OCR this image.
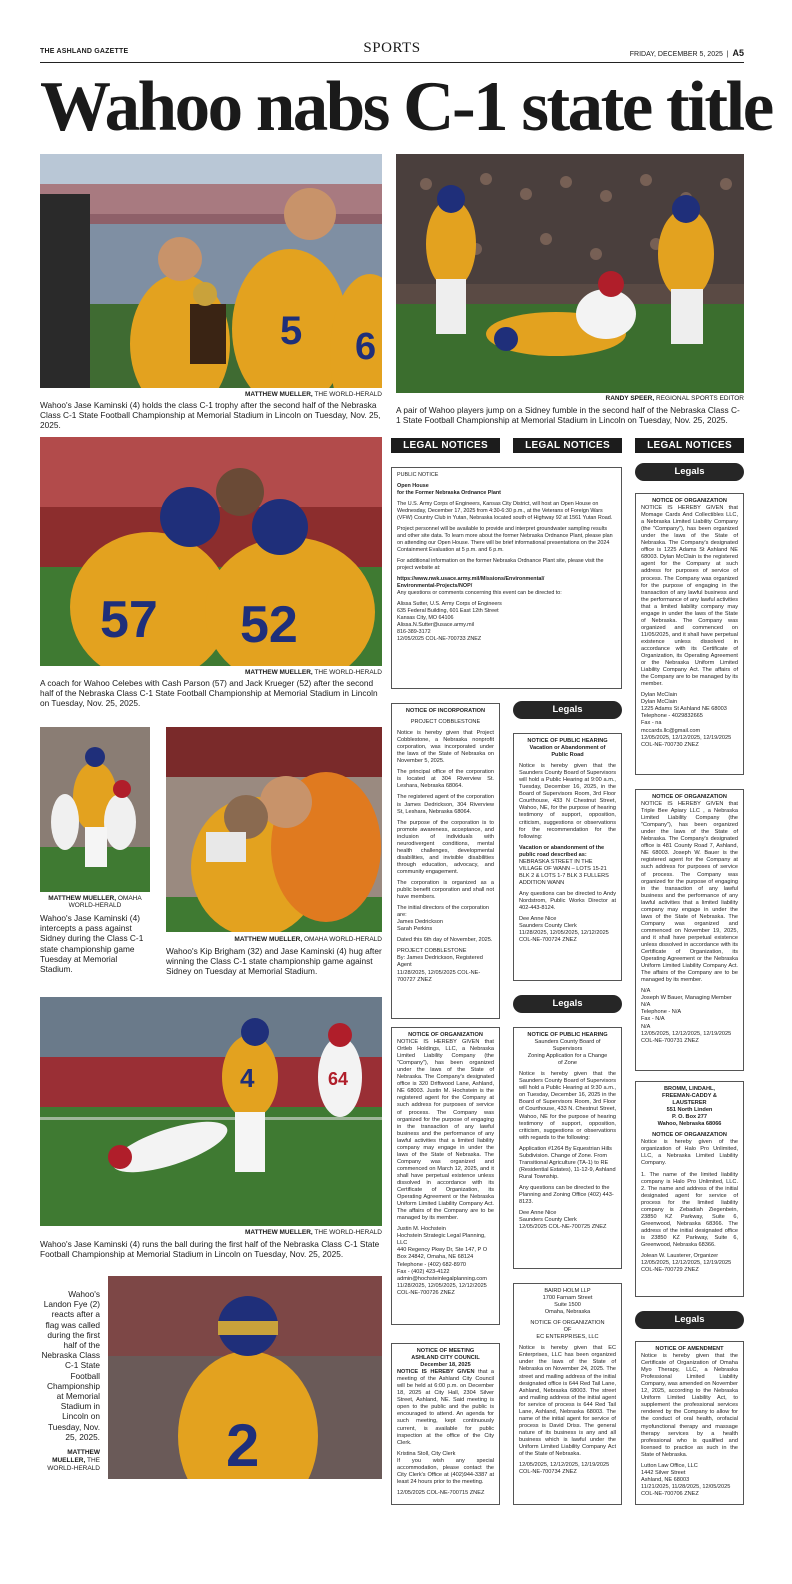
THE ASHLAND GAZETTE	SPORTS	FRIDAY, DECEMBER 5, 2025  |  A5
Wahoo nabs C-1 state title
5 6
MATTHEW MUELLER, THE WORLD-HERALD
Wahoo's Jase Kaminski (4) holds the class C-1 trophy after the second half of the Nebraska Class C-1 State Football Championship at Memorial Stadium in Lincoln on Tuesday, Nov. 25, 2025.
RANDY SPEER, REGIONAL SPORTS EDITOR
A pair of Wahoo players jump on a Sidney fumble in the second half of the Nebraska Class C-1 State Football Championship at Memorial Stadium in Lincoln on Tuesday, Nov. 25, 2025.
57 52
MATTHEW MUELLER, THE WORLD-HERALD
A coach for Wahoo Celebes with Cash Parson (57) and Jack Krueger (52) after the second half of the Nebraska Class C-1 State Football Championship at Memorial Stadium in Lincoln on Tuesday, Nov. 25, 2025.
MATTHEW MUELLER, OMAHA WORLD-HERALD
Wahoo's Jase Kaminski (4) intercepts a pass against Sidney during the Class C-1 state championship game Tuesday at Memorial Stadium.
MATTHEW MUELLER, OMAHA WORLD-HERALD
Wahoo's Kip Brigham (32) and Jase Kaminski (4) hug after winning the Class C-1 state championship game against Sidney on Tuesday at Memorial Stadium.
4	64
MATTHEW MUELLER, THE WORLD-HERALD
Wahoo's Jase Kaminski (4) runs the ball during the first half of the Nebraska Class C-1 State Football Championship at Memorial Stadium in Lincoln on Tuesday, Nov. 25, 2025.
Wahoo's Landon Fye (2) reacts after a flag was called during the first half of the Nebraska Class C-1 State Football Championship at Memorial Stadium in Lincoln on Tuesday, Nov. 25, 2025.
MATTHEW MUELLER, THE WORLD-HERALD 2
LEGAL NOTICES	LEGAL NOTICES	LEGAL NOTICES
PUBLIC NOTICE
Open House
for the Former Nebraska Ordnance Plant

The U.S. Army Corps of Engineers, Kansas City District, will host an Open House on Wednesday, December 17, 2025 from 4:30-6:30 p.m., at the Veterans of Foreign Wars (VFW) Country Club in Yutan, Nebraska located south of Highway 92 at 1561 Yutan Road.

Project personnel will be available to provide and interpret groundwater sampling results and other site data. To learn more about the former Nebraska Ordnance Plant, please plan on attending our Open House. There will be brief informational presentations on the 2024 Containment Evaluation at 5 p.m. and 6 p.m.

For additional information on the former Nebraska Ordnance Plant site, please visit the project website at:

https://www.nwk.usace.army.mil/Missions/Environmental/
Environmental-Projects/NOP/
Any questions or comments concerning this event can be directed to:
Alissa Sutter, U.S. Army Corps of Engineers
635 Federal Building, 601 East 12th Street
Kansas City, MO 64106
Alissa.N.Sutter@usace.army.mil
816-389-3172
12/05/2025 COL-NE-700733 ZNEZ
NOTICE OF INCORPORATION
PROJECT COBBLESTONE

Notice is hereby given that Project Cobblestone, a Nebraska nonprofit corporation, was incorporated under the laws of the State of Nebraska on November 5, 2025.

The principal office of the corporation is located at 304 Riverview St. Leshara, Nebraska 68064.

The registered agent of the corporation is James Dedrickson, 304 Riverview St, Leshara, Nebraska 68064.

The purpose of the corporation is to promote awareness, acceptance, and inclusion of individuals with neurodivergent conditions, mental health challenges, developmental disabilities, and invisible disabilities through education, advocacy, and community engagement.

The corporation is organized as a public benefit corporation and shall not have members.

The initial directors of the corporation are:
James Dedrickson
Sarah Perkins

Dated this 6th day of November, 2025.

PROJECT COBBLESTONE
By: James Dedrickson, Registered Agent
11/28/2025, 12/05/2025 COL-NE-700727 ZNEZ
NOTICE OF ORGANIZATION

NOTICE IS HEREBY GIVEN that Ortleb Holdings, LLC, a Nebraska Limited Liability Company (the "Company"), has been organized under the laws of the State of Nebraska. The Company's designated office is 320 Driftwood Lane, Ashland, NE 68003. Justin M. Hochstein is the registered agent for the Company at such address for purposes of service of process. The Company was organized for the purpose of engaging in the transaction of any lawful business and the performance of any lawful activities that a limited liability company may engage in under the laws of the State of Nebraska. The Company was organized and commenced on March 12, 2025, and it shall have perpetual existence unless dissolved in accordance with its Certificate of Organization, its Operating Agreement or the Nebraska Uniform Limited Liability Company Act. The affairs of the Company are to be managed by its member.

Justin M. Hochstein
Hochstein Strategic Legal Planning, LLC
440 Regency Pkwy Dr, Ste 147, P O Box 24842, Omaha, NE 68124
Telephone - (402) 682-8970
Fax - (402) 423-4122
admin@hochsteinlegalplanning.com
11/28/2025, 12/05/2025, 12/12/2025 COL-NE-700726 ZNEZ
NOTICE OF MEETING
ASHLAND CITY COUNCIL
December 18, 2025

NOTICE IS HEREBY GIVEN that a meeting of the Ashland City Council will be held at 6:00 p.m. on December 18, 2025 at City Hall, 2304 Silver Street, Ashland, NE. Said meeting is open to the public and the public is encouraged to attend. An agenda for such meeting, kept continuously current, is available for public inspection at the office of the City Clerk.

Kristina Stoll, City Clerk

If you wish any special accommodation, please contact the City Clerk's Office at (402)944-3387 at least 24 hours prior to the meeting.

12/05/2025 COL-NE-700715 ZNEZ
Legals
NOTICE OF PUBLIC HEARING
Vacation or Abandonment of
Public Road

Notice is hereby given that the Saunders County Board of Supervisors will hold a Public Hearing at 9:00 a.m., Tuesday, December 16, 2025, in the Board of Supervisors Room, 3rd Floor Courthouse, 433 N Chestnut Street, Wahoo, NE, for the purpose of hearing testimony of support, opposition, criticism, suggestions or observations for the recommendation for the following:

Vacation or abandonment of the public road described as:

NEBRASKA STREET IN THE VILLAGE OF WANN – LOTS 15-21 BLK 2 & LOTS 1-7 BLK 3 FULLERS ADDITION WANN

Any questions can be directed to Andy Nordstrom, Public Works Director at 402-443-8124.

Dee Anne Nice
Saunders County Clerk
11/28/2025, 12/05/2025, 12/12/2025 COL-NE-700724 ZNEZ
Legals
NOTICE OF PUBLIC HEARING
Saunders County Board of
Supervisors
Zoning Application for a Change
of Zone

Notice is hereby given that the Saunders County Board of Supervisors will hold a Public Hearing at 9:30 a.m., on Tuesday, December 16, 2025 in the Board of Supervisors Room, 3rd Floor of Courthouse, 433 N. Chestnut Street, Wahoo, NE for the purpose of hearing testimony of support, opposition, criticism, suggestions or observations with regards to the following:

Application #1264 By Equestrian Hills Subdivision. Change of Zone. From Transitional Agriculture (TA-1) to RE (Residential Estates), 11-12-9, Ashland Rural Township.

Any questions can be directed to the Planning and Zoning Office (402) 443-8123.

Dee Anne Nice
Saunders County Clerk
12/05/2025 COL-NE-700725 ZNEZ
BAIRD HOLM LLP
1700 Farnam Street
Suite 1500
Omaha, Nebraska
NOTICE OF ORGANIZATION
OF
EC ENTERPRISES, LLC

Notice is hereby given that EC Enterprises, LLC has been organized under the laws of the State of Nebraska on November 24, 2025. The street and mailing address of the initial designated office is 644 Red Tail Lane, Ashland, Nebraska 68003. The street and mailing address of the initial agent for service of process is 644 Red Tail Lane, Ashland, Nebraska 68003. The name of the initial agent for service of process is David Driss. The general nature of its business is any and all business which is lawful under the Uniform Limited Liability Company Act of the State of Nebraska.

12/05/2025, 12/12/2025, 12/19/2025 COL-NE-700734 ZNEZ
Legals
NOTICE OF ORGANIZATION

NOTICE IS HEREBY GIVEN that Momage Cards And Collectibles LLC, a Nebraska Limited Liability Company (the "Company"), has been organized under the laws of the State of Nebraska. The Company's designated office is 1225 Adams St Ashland NE 68003. Dylan McClain is the registered agent for the Company at such address for purposes of service of process. The Company was organized for the purpose of engaging in the transaction of any lawful business and the performance of any lawful activities that a limited liability company may engage in under the laws of the State of Nebraska. The Company was organized and commenced on 11/05/2025, and it shall have perpetual existence unless dissolved in accordance with its Certificate of Organization, its Operating Agreement or the Nebraska Uniform Limited Liability Company Act. The affairs of the Company are to be managed by its member.

Dylan McClain
Dylan McClain
1225 Adams St Ashland NE 68003
Telephone - 4029832665
Fax - na
mccards.llc@gmail.com
12/05/2025, 12/12/2025, 12/19/2025 COL-NE-700730 ZNEZ
NOTICE OF ORGANIZATION

NOTICE IS HEREBY GIVEN that Triple Bee Apiary LLC , a Nebraska Limited Liability Company (the "Company"), has been organized under the laws of the State of Nebraska. The Company's designated office is 481 County Road 7, Ashland, NE 68003. Joseph W. Bauer is the registered agent for the Company at such address for purposes of service of process. The Company was organized for the purpose of engaging in the transaction of any lawful business and the performance of any lawful activities that a limited liability company may engage in under the laws of the State of Nebraska. The Company was organized and commenced on November 19, 2025, and it shall have perpetual existence unless dissolved in accordance with its Certificate of Organization, its Operating Agreement or the Nebraska Uniform Limited Liability Company Act. The affairs of the Company are to be managed by its member.

N/A
Joseph W Bauer, Managing Member
N/A
Telephone - N/A
Fax - N/A
N/A
12/05/2025, 12/12/2025, 12/19/2025 COL-NE-700731 ZNEZ
BROMM, LINDAHL,
FREEMAN-CADDY &
LAUSTERER
551 North Linden
P. O. Box 277
Wahoo, Nebraska 68066
NOTICE OF ORGANIZATION

Notice is hereby given of the organization of Halo Pro Unlimited, LLC, a Nebraska Limited Liability Company.

1. The name of the limited liability company is Halo Pro Unlimited, LLC. 2. The name and address of the initial designated agent for service of process for the limited liability company is Zebadiah Ziegenbein, 23850 KZ Parkway, Suite 6, Greenwood, Nebraska 68366. The address of the initial designated office is 23850 KZ Parkway, Suite 6, Greenwood, Nebraska 68366.

Jolean W. Lausterer, Organizer
12/05/2025, 12/12/2025, 12/19/2025 COL-NE-700729 ZNEZ
Legals
NOTICE OF AMENDMENT

Notice is hereby given that the Certificate of Organization of Omaha Myo Therapy, LLC, a Nebraska Professional Limited Liability Company, was amended on November 12, 2025, according to the Nebraska Uniform Limited Liability Act, to supplement the professional services rendered by the Company to allow for the conduct of oral health, orofacial myofunctional therapy and massage therapy services by a health professional who is qualified and licensed to practice as such in the State of Nebraska.

Lutton Law Office, LLC
1442 Silver Street
Ashland, NE 68003
11/21/2025, 11/28/2025, 12/05/2025 COL-NE-700706 ZNEZ
